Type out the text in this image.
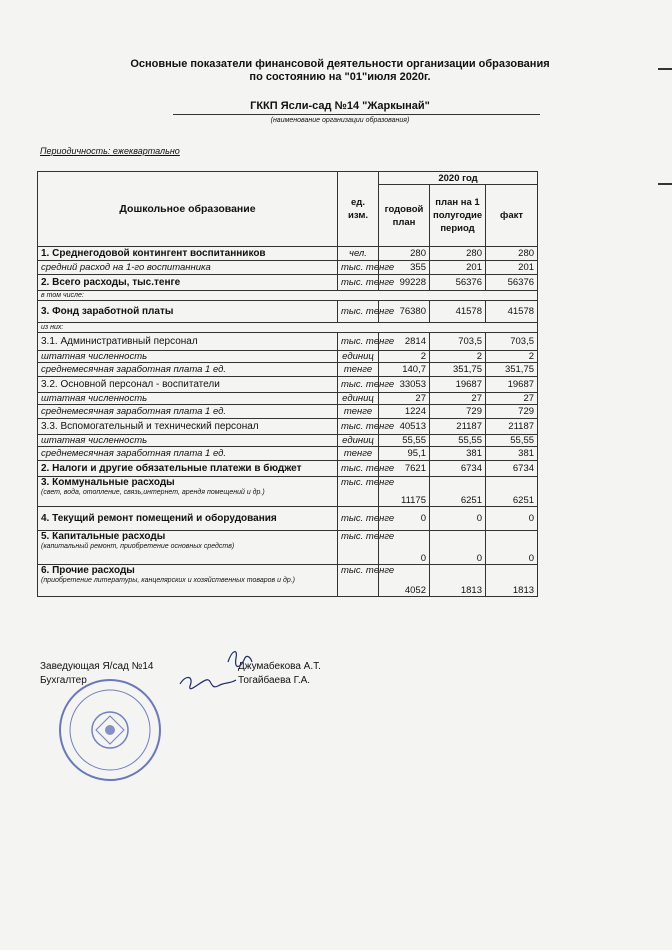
Основные показатели финансовой деятельности организации образования
по состоянию на "01"июля 2020г.
ГККП Ясли-сад №14 "Жаркынай"
(наименование организации образования)
Периодичность: ежеквартально
Дошкольное образование	ед. изм.	2020 год		
		годовой план	план на 1 полугодие период	факт
1. Среднегодовой контингент воспитанников	чел.	280	280	280
средний расход на 1-го воспитанника	тыс. тенге	355	201	201
2. Всего расходы, тыс.тенге	тыс. тенге	99228	56376	56376
в том числе:				
3. Фонд заработной платы	тыс. тенге	76380	41578	41578
из них:				
3.1. Административный персонал	тыс. тенге	2814	703,5	703,5
штатная численность	единиц	2	2	2
среднемесячная заработная плата 1 ед.	тенге	140,7	351,75	351,75
3.2. Основной персонал - воспитатели	тыс. тенге	33053	19687	19687
штатная численность	единиц	27	27	27
среднемесячная заработная плата 1 ед.	тенге	1224	729	729
3.3. Вспомогательный и технический персонал	тыс. тенге	40513	21187	21187
штатная численность	единиц	55,55	55,55	55,55
среднемесячная заработная плата 1 ед.	тенге	95,1	381	381
2. Налоги и другие обязательные платежи в бюджет	тыс. тенге	7621	6734	6734
3. Коммунальные расходы
(свет, вода, отопление, связь,интернет, арендя помещений и др.)	тыс. тенге	11175	6251	6251
4. Текущий ремонт помещений и оборудования	тыс. тенге	0	0	0
5. Капитальные расходы
(капитальный ремонт, приобретение основных средств)	тыс. тенге	0	0	0
6. Прочие расходы
(приобретение литературы, канцелярских и хозяйственных товаров и др.)	тыс. тенге	4052	1813	1813
Заведующая Я/сад №14
Бухгалтер
Джумабекова А.Т.
Тогайбаева Г.А.
